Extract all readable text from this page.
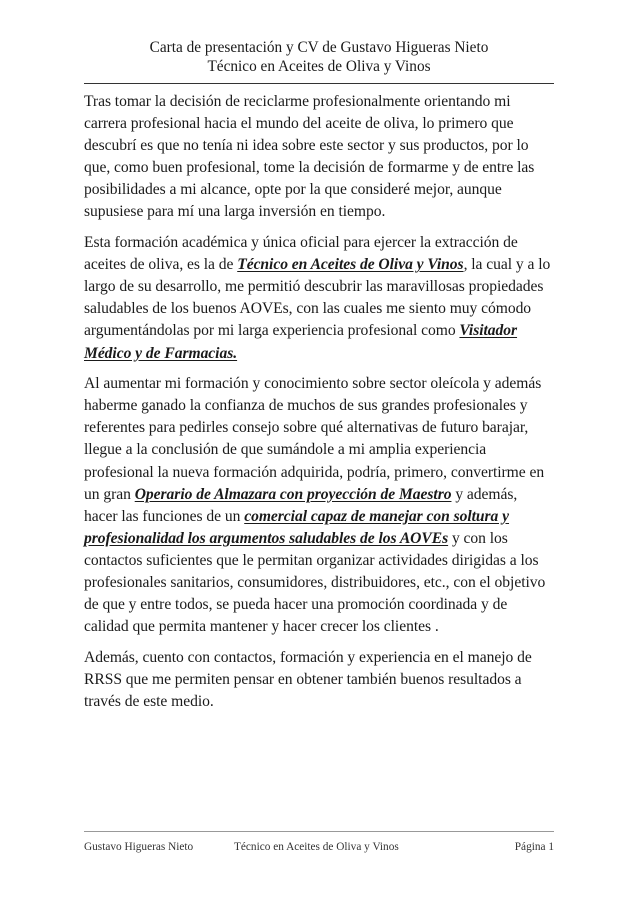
Carta de presentación y CV de Gustavo Higueras Nieto
Técnico en Aceites de Oliva y Vinos

Tras tomar la decisión de reciclarme profesionalmente orientando mi carrera profesional hacia el mundo del aceite de oliva, lo primero que descubrí es que no tenía ni idea sobre este sector y sus productos, por lo que, como buen profesional, tome la decisión de formarme y de entre las posibilidades a mi alcance, opte por la que consideré mejor, aunque supusiese para mí una larga inversión en tiempo.

Esta formación académica y única oficial para ejercer la extracción de aceites de oliva, es la de Técnico en Aceites de Oliva y Vinos, la cual y a lo largo de su desarrollo, me permitió descubrir las maravillosas propiedades saludables de los buenos AOVEs, con las cuales me siento muy cómodo argumentándolas por mi larga experiencia profesional como Visitador Médico y de Farmacias.

Al aumentar mi formación y conocimiento sobre sector oleícola y además haberme ganado la confianza de muchos de sus grandes profesionales y referentes para pedirles consejo sobre qué alternativas de futuro barajar, llegue a la conclusión de que sumándole a mi amplia experiencia profesional la nueva formación adquirida, podría, primero, convertirme en un gran Operario de Almazara con proyección de Maestro y además, hacer las funciones de un comercial capaz de manejar con soltura y profesionalidad los argumentos saludables de los AOVEs y con los contactos suficientes que le permitan organizar actividades dirigidas a los profesionales sanitarios, consumidores, distribuidores, etc., con el objetivo de que y entre todos, se pueda hacer una promoción coordinada y de calidad que permita mantener y hacer crecer los clientes .

Además, cuento con contactos, formación y experiencia en el manejo de RRSS que me permiten pensar en obtener también buenos resultados a través de este medio.

Gustavo Higueras Nieto	Técnico en Aceites de Oliva y Vinos	Página 1
